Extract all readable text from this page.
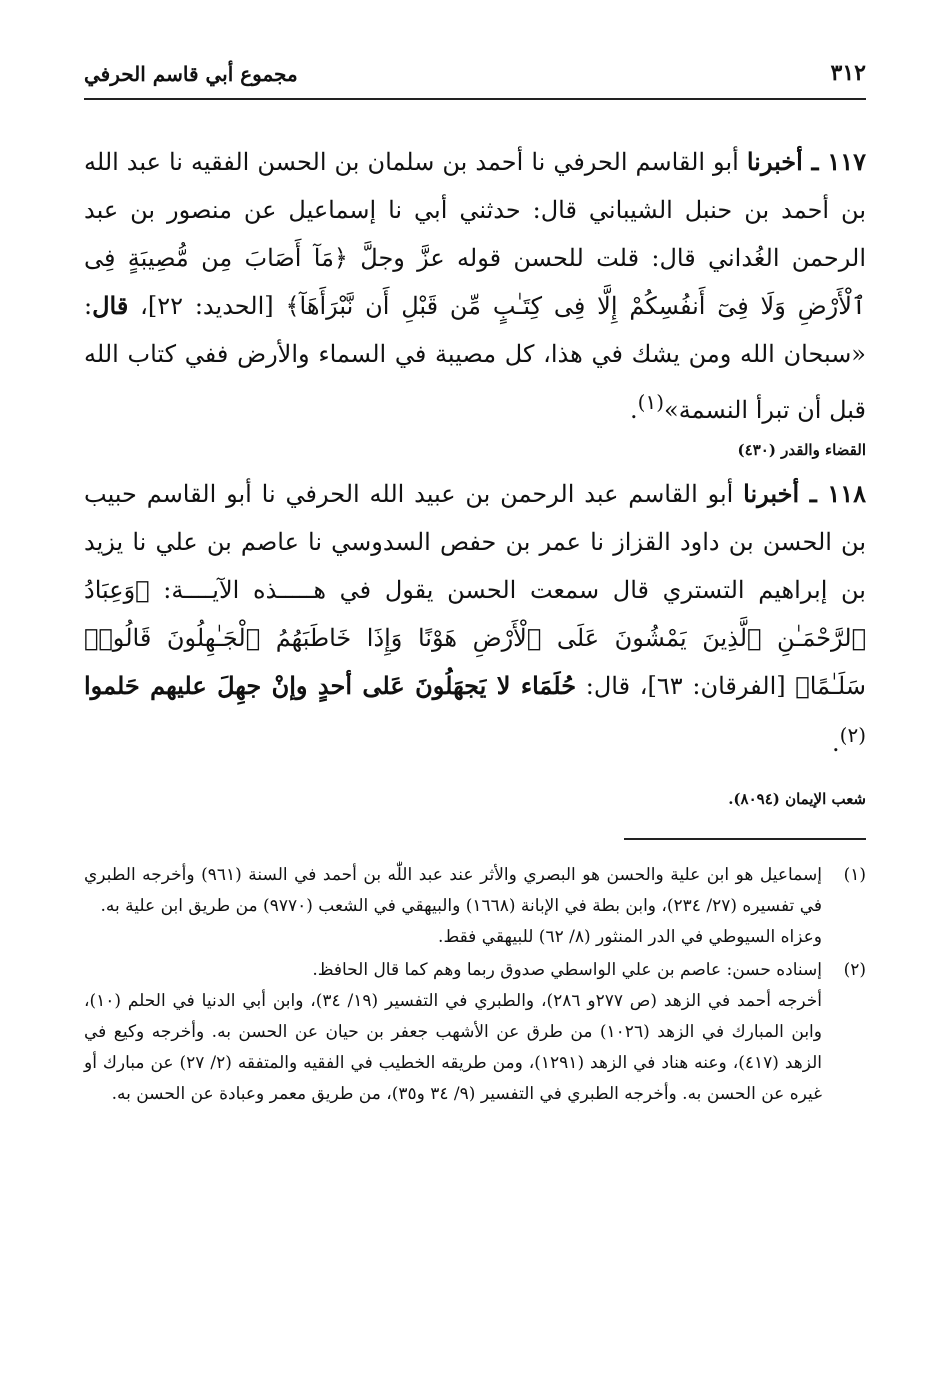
٣١٢
مجموع أبي قاسم الحرفي

١١٧ ـ أخبرنا أبو القاسم الحرفي نا أحمد بن سلمان بن الحسن الفقيه نا عبد الله بن أحمد بن حنبل الشيباني قال: حدثني أبي نا إسماعيل عن منصور بن عبد الرحمن الغُداني قال: قلت للحسن قوله عزَّ وجلَّ ﴿مَآ أَصَابَ مِن مُّصِيبَةٍ فِى ٱلْأَرْضِ وَلَا فِىٓ أَنفُسِكُمْ إِلَّا فِى كِتَـٰبٍ مِّن قَبْلِ أَن نَّبْرَأَهَآ﴾ [الحديد: ٢٢]، قال: «سبحان الله ومن يشك في هذا، كل مصيبة في السماء والأرض ففي كتاب الله قبل أن تبرأ النسمة»$^{(١)}$.

القضاء والقدر (٤٣٠)

١١٨ ـ أخبرنا أبو القاسم عبد الرحمن بن عبيد الله الحرفي نا أبو القاسم حبيب بن الحسن بن داود القزاز نا عمر بن حفص السدوسي نا عاصم بن علي نا يزيد بن إبراهيم التستري قال سمعت الحسن يقول في هـــــذه الآيــــة: ﴿وَعِبَادُ ٱلرَّحْمَـٰنِ ٱلَّذِينَ يَمْشُونَ عَلَى ٱلْأَرْضِ هَوْنًا وَإِذَا خَاطَبَهُمُ ٱلْجَـٰهِلُونَ قَالُوا۟ سَلَـٰمًا﴾ [الفرقان: ٦٣]، قال: حُلَمَاء لا يَجهَلُونَ عَلى أحدٍ وإنْ جهِلَ عليهم حَلموا $^{(٢)}$.

شعب الإيمان (٨٠٩٤).
(١)

إسماعيل هو ابن علية والحسن هو البصري والأثر عند عبد اللّٰه بن أحمد في السنة (٩٦١) وأخرجه الطبري في تفسيره (٢٧/ ٢٣٤)، وابن بطة في الإبانة (١٦٦٨) والبيهقي في الشعب (٩٧٧٠) من طريق ابن علية به.

وعزاه السيوطي في الدر المنثور (٨/ ٦٢) للبيهقي فقط.

(٢)

إسناده حسن: عاصم بن علي الواسطي صدوق ربما وهم كما قال الحافظ.

أخرجه أحمد في الزهد (ص ٢٧٧و ٢٨٦)، والطبري في التفسير (١٩/ ٣٤)، وابن أبي الدنيا في الحلم (١٠)، وابن المبارك في الزهد (١٠٢٦) من طرق عن الأشهب جعفر بن حيان عن الحسن به. وأخرجه وكيع في الزهد (٤١٧)، وعنه هناد في الزهد (١٢٩١)، ومن طريقه الخطيب في الفقيه والمتفقه (٢/ ٢٧) عن مبارك أو غيره عن الحسن به. وأخرجه الطبري في التفسير (٩/ ٣٤ و٣٥)، من طريق معمر وعبادة عن الحسن به.
